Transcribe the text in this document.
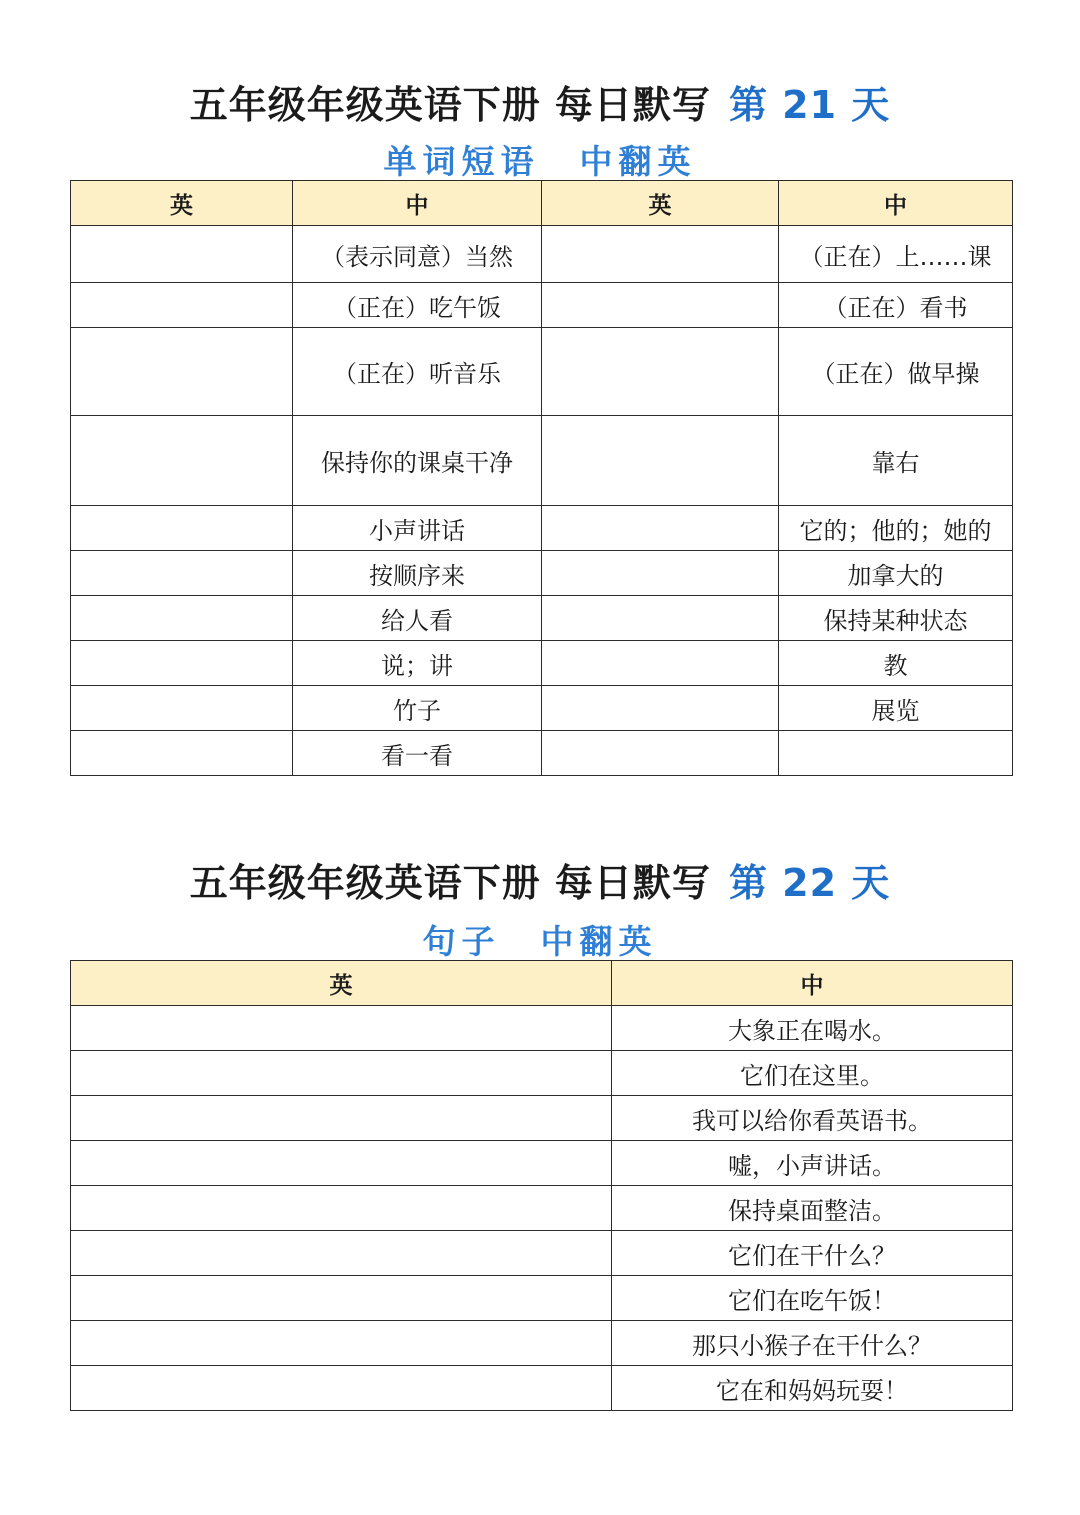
五年级年级英语下册 每日默写 第 21 天
单词短语 中翻英
英	中	英	中
	（表示同意）当然		（正在）上……课
	（正在）吃午饭		（正在）看书
	（正在）听音乐		（正在）做早操
	保持你的课桌干净		靠右
	小声讲话		它的；他的；她的
	按顺序来		加拿大的
	给人看		保持某种状态
	说；讲		教
	竹子		展览
	看一看		
五年级年级英语下册 每日默写 第 22 天
句子 中翻英
英	中
	大象正在喝水。
	它们在这里。
	我可以给你看英语书。
	嘘，小声讲话。
	保持桌面整洁。
	它们在干什么？
	它们在吃午饭！
	那只小猴子在干什么？
	它在和妈妈玩耍！
